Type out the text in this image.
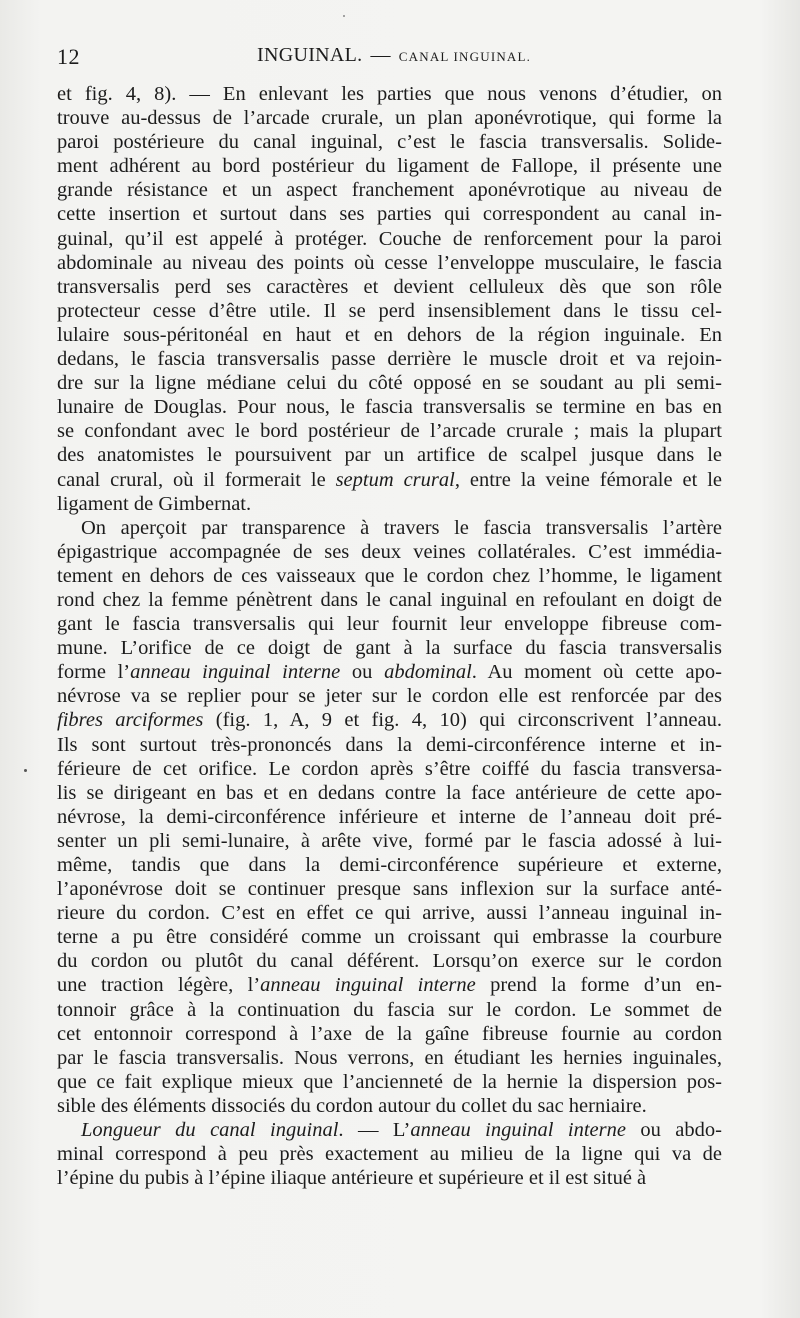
12	INGUINAL. — CANAL INGUINAL.

et fig. 4, 8). — En enlevant les parties que nous venons d’étudier, on
trouve au-dessus de l’arcade crurale, un plan aponévrotique, qui forme la
paroi postérieure du canal inguinal, c’est le fascia transversalis. Solide-
ment adhérent au bord postérieur du ligament de Fallope, il présente une
grande résistance et un aspect franchement aponévrotique au niveau de
cette insertion et surtout dans ses parties qui correspondent au canal in-
guinal, qu’il est appelé à protéger. Couche de renforcement pour la paroi
abdominale au niveau des points où cesse l’enveloppe musculaire, le fascia
transversalis perd ses caractères et devient celluleux dès que son rôle
protecteur cesse d’être utile. Il se perd insensiblement dans le tissu cel-
lulaire sous-péritonéal en haut et en dehors de la région inguinale. En
dedans, le fascia transversalis passe derrière le muscle droit et va rejoin-
dre sur la ligne médiane celui du côté opposé en se soudant au pli semi-
lunaire de Douglas. Pour nous, le fascia transversalis se termine en bas en
se confondant avec le bord postérieur de l’arcade crurale ; mais la plupart
des anatomistes le poursuivent par un artifice de scalpel jusque dans le
canal crural, où il formerait le septum crural, entre la veine fémorale et le
ligament de Gimbernat.

On aperçoit par transparence à travers le fascia transversalis l’artère
épigastrique accompagnée de ses deux veines collatérales. C’est immédia-
tement en dehors de ces vaisseaux que le cordon chez l’homme, le ligament
rond chez la femme pénètrent dans le canal inguinal en refoulant en doigt de
gant le fascia transversalis qui leur fournit leur enveloppe fibreuse com-
mune. L’orifice de ce doigt de gant à la surface du fascia transversalis
forme l’anneau inguinal interne ou abdominal. Au moment où cette apo-
névrose va se replier pour se jeter sur le cordon elle est renforcée par des
fibres arciformes (fig. 1, A, 9 et fig. 4, 10) qui circonscrivent l’anneau.
Ils sont surtout très-prononcés dans la demi-circonférence interne et in-
férieure de cet orifice. Le cordon après s’être coiffé du fascia transversa-
lis se dirigeant en bas et en dedans contre la face antérieure de cette apo-
névrose, la demi-circonférence inférieure et interne de l’anneau doit pré-
senter un pli semi-lunaire, à arête vive, formé par le fascia adossé à lui-
même, tandis que dans la demi-circonférence supérieure et externe,
l’aponévrose doit se continuer presque sans inflexion sur la surface anté-
rieure du cordon. C’est en effet ce qui arrive, aussi l’anneau inguinal in-
terne a pu être considéré comme un croissant qui embrasse la courbure
du cordon ou plutôt du canal déférent. Lorsqu’on exerce sur le cordon
une traction légère, l’anneau inguinal interne prend la forme d’un en-
tonnoir grâce à la continuation du fascia sur le cordon. Le sommet de
cet entonnoir correspond à l’axe de la gaîne fibreuse fournie au cordon
par le fascia transversalis. Nous verrons, en étudiant les hernies inguinales,
que ce fait explique mieux que l’ancienneté de la hernie la dispersion pos-
sible des éléments dissociés du cordon autour du collet du sac herniaire.

Longueur du canal inguinal. — L’anneau inguinal interne ou abdo-
minal correspond à peu près exactement au milieu de la ligne qui va de
l’épine du pubis à l’épine iliaque antérieure et supérieure et il est situé à
